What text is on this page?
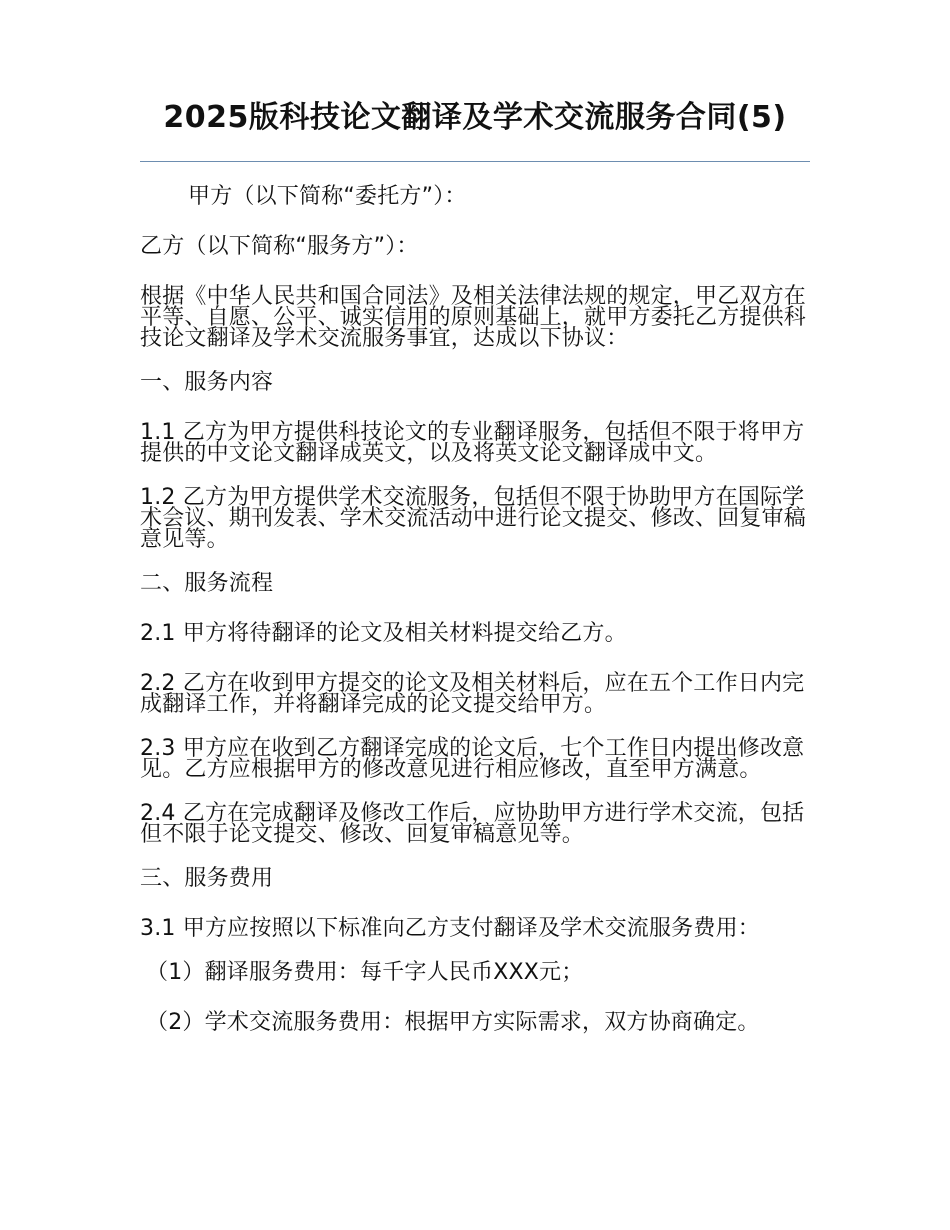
2025版科技论文翻译及学术交流服务合同(5)

甲方（以下简称“委托方”）：

乙方（以下简称“服务方”）：

根据《中华人民共和国合同法》及相关法律法规的规定，甲乙双方在平等、自愿、公平、诚实信用的原则基础上，就甲方委托乙方提供科技论文翻译及学术交流服务事宜，达成以下协议：

一、服务内容

1.1 乙方为甲方提供科技论文的专业翻译服务，包括但不限于将甲方提供的中文论文翻译成英文，以及将英文论文翻译成中文。

1.2 乙方为甲方提供学术交流服务，包括但不限于协助甲方在国际学术会议、期刊发表、学术交流活动中进行论文提交、修改、回复审稿意见等。

二、服务流程

2.1 甲方将待翻译的论文及相关材料提交给乙方。

2.2 乙方在收到甲方提交的论文及相关材料后，应在五个工作日内完成翻译工作，并将翻译完成的论文提交给甲方。

2.3 甲方应在收到乙方翻译完成的论文后，七个工作日内提出修改意见。乙方应根据甲方的修改意见进行相应修改，直至甲方满意。

2.4 乙方在完成翻译及修改工作后，应协助甲方进行学术交流，包括但不限于论文提交、修改、回复审稿意见等。

三、服务费用

3.1 甲方应按照以下标准向乙方支付翻译及学术交流服务费用：

（1）翻译服务费用：每千字人民币XXX元；

（2）学术交流服务费用：根据甲方实际需求，双方协商确定。
